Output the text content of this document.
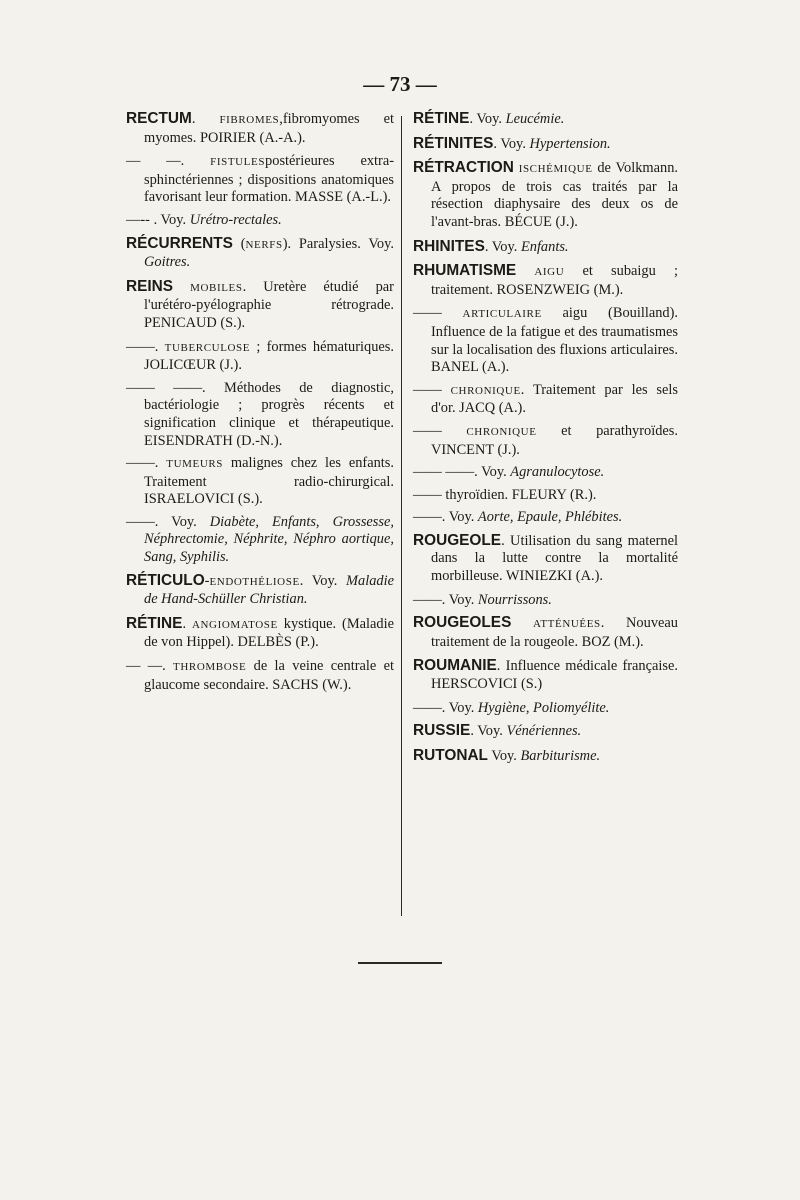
— 73 —
RECTUM. FIBROMES,fibromyomes et myomes. POIRIER (A.-A.).
— —. FISTULESpostérieures extra-sphinctériennes ; dispositions anatomiques favorisant leur formation. MASSE (A.-L.).
—-- . Voy. Urétro-rectales.
RÉCURRENTS (NERFS). Paralysies. Voy. Goitres.
REINS MOBILES. Uretère étudié par l'urétéro-pyélographie rétrograde. PENICAUD (S.).
——. TUBERCULOSE ; formes hématuriques. JOLICŒUR (J.).
—— ——. Méthodes de diagnostic, bactériologie ; progrès récents et signification clinique et thérapeutique. EISENDRATH (D.-N.).
——. TUMEURS malignes chez les enfants. Traitement radio-chirurgical. ISRAELOVICI (S.).
——. Voy. Diabète, Enfants, Grossesse, Néphrectomie, Néphrite, Néphro aortique, Sang, Syphilis.
RÉTICULO-ENDOTHÉLIOSE. Voy. Maladie de Hand-Schüller Christian.
RÉTINE. ANGIOMATOSE kystique. (Maladie de von Hippel). DELBÈS (P.).
— —. THROMBOSE de la veine centrale et glaucome secondaire. SACHS (W.).
RÉTINE. Voy. Leucémie.
RÉTINITES. Voy. Hypertension.
RÉTRACTION ISCHÉMIQUE de Volkmann. A propos de trois cas traités par la résection diaphysaire des deux os de l'avant-bras. BÉCUE (J.).
RHINITES. Voy. Enfants.
RHUMATISME AIGU et subaigu ; traitement. ROSENZWEIG (M.).
—— ARTICULAIRE aigu (Bouilland). Influence de la fatigue et des traumatismes sur la localisation des fluxions articulaires. BANEL (A.).
—— CHRONIQUE. Traitement par les sels d'or. JACQ (A.).
—— CHRONIQUE et parathyroïdes. VINCENT (J.).
—— ——. Voy. Agranulocytose.
—— thyroïdien. FLEURY (R.).
——. Voy. Aorte, Epaule, Phlébites.
ROUGEOLE. Utilisation du sang maternel dans la lutte contre la mortalité morbilleuse. WINIEZKI (A.).
——. Voy. Nourrissons.
ROUGEOLES ATTÉNUÉES. Nouveau traitement de la rougeole. BOZ (M.).
ROUMANIE. Influence médicale française. HERSCOVICI (S.)
——. Voy. Hygiène, Poliomyélite.
RUSSIE. Voy. Vénériennes.
RUTONAL Voy. Barbiturisme.
